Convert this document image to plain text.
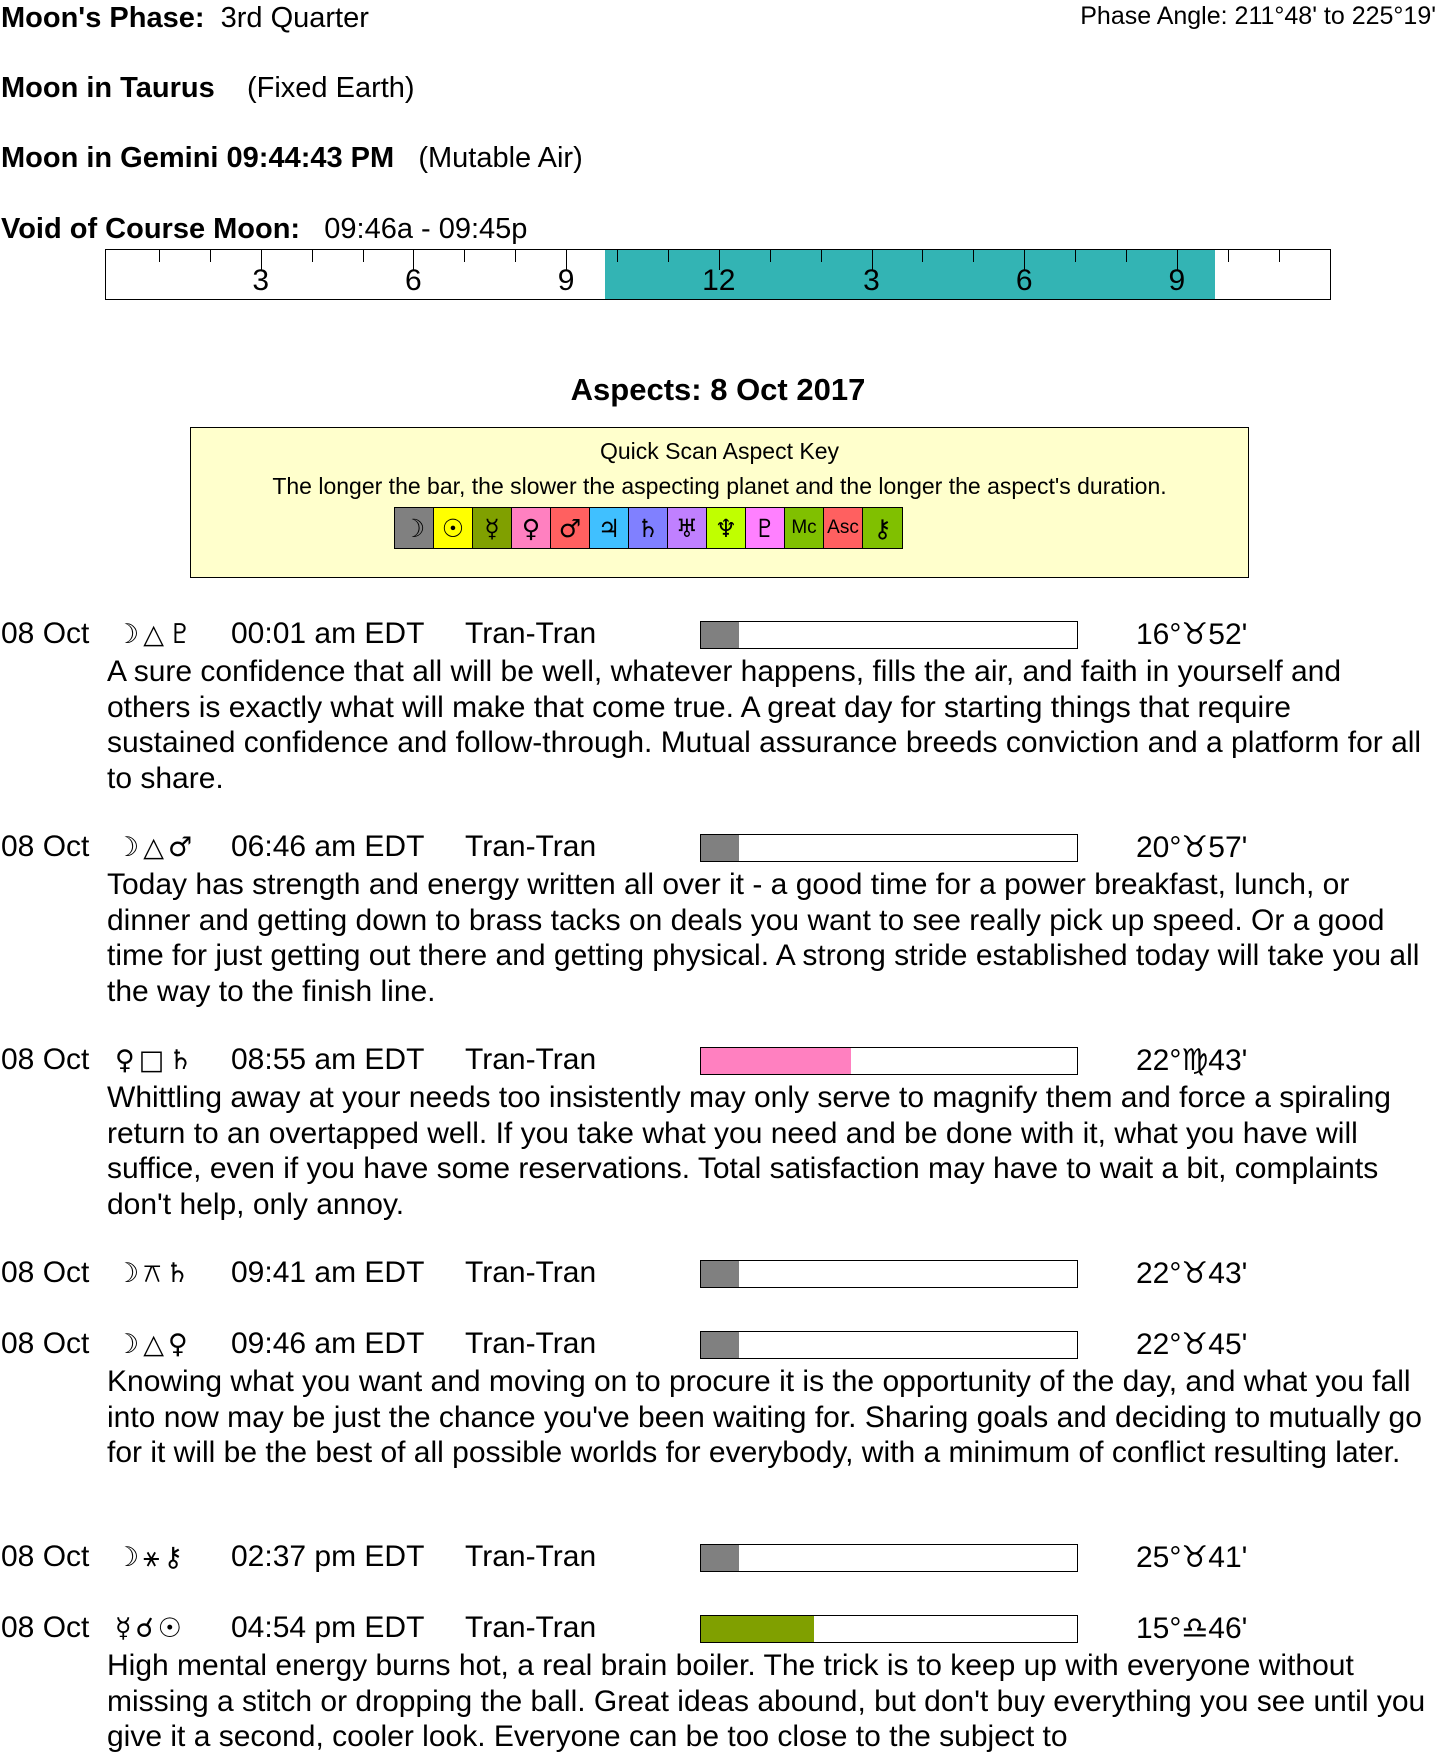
Moon's Phase: 3rd Quarter	Phase Angle: 211°48' to 225°19'
Moon in Taurus (Fixed Earth)
Moon in Gemini 09:44:43 PM (Mutable Air)
Void of Course Moon: 09:46a - 09:45p
3	6	9	12	3	6	9
Aspects: 8 Oct 2017
Quick Scan Aspect Key
The longer the bar, the slower the aspecting planet and the longer the aspect's duration.
☽ ☉ ☿ ♀ ♂ ♃ ♄ ♅ ♆ ♇ Mc Asc ⚷
08 Oct ☽△♇ 00:01 am EDT Tran-Tran	16°♉52'
A sure confidence that all will be well, whatever happens, fills the air, and faith in yourself and others is exactly what will make that come true. A great day for starting things that require sustained confidence and follow-through. Mutual assurance breeds conviction and a platform for all to share.
08 Oct ☽△♂ 06:46 am EDT Tran-Tran	20°♉57'
Today has strength and energy written all over it - a good time for a power breakfast, lunch, or dinner and getting down to brass tacks on deals you want to see really pick up speed. Or a good time for just getting out there and getting physical. A strong stride established today will take you all the way to the finish line.
08 Oct ♀□♄ 08:55 am EDT Tran-Tran	22°♍43'
Whittling away at your needs too insistently may only serve to magnify them and force a spiraling return to an overtapped well. If you take what you need and be done with it, what you have will suffice, even if you have some reservations. Total satisfaction may have to wait a bit, complaints don't help, only annoy.
08 Oct ☽⚻♄ 09:41 am EDT Tran-Tran	22°♉43'
08 Oct ☽△♀ 09:46 am EDT Tran-Tran	22°♉45'
Knowing what you want and moving on to procure it is the opportunity of the day, and what you fall into now may be just the chance you've been waiting for. Sharing goals and deciding to mutually go for it will be the best of all possible worlds for everybody, with a minimum of conflict resulting later.
08 Oct ☽⚹⚷ 02:37 pm EDT Tran-Tran	25°♉41'
08 Oct ☿☌☉ 04:54 pm EDT Tran-Tran	15°♎46'
High mental energy burns hot, a real brain boiler. The trick is to keep up with everyone without missing a stitch or dropping the ball. Great ideas abound, but don't buy everything you see until you give it a second, cooler look. Everyone can be too close to the subject to
